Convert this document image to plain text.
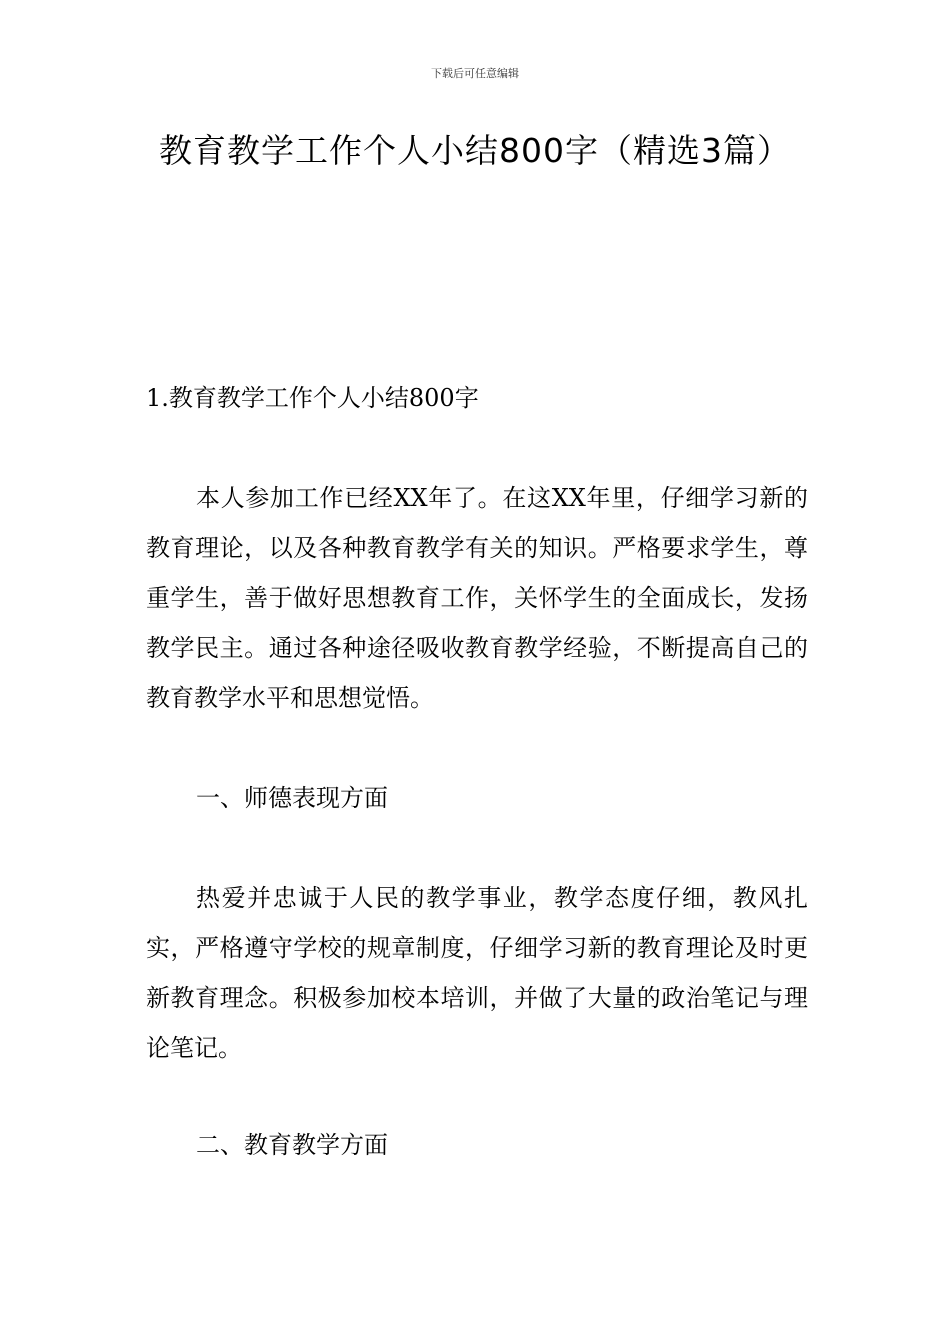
下载后可任意编辑
教育教学工作个人小结800字（精选3篇）

1.教育教学工作个人小结800字

本人参加工作已经XX年了。在这XX年里，仔细学习新的教育理论，以及各种教育教学有关的知识。严格要求学生，尊重学生，善于做好思想教育工作，关怀学生的全面成长，发扬教学民主。通过各种途径吸收教育教学经验，不断提高自己的教育教学水平和思想觉悟。

一、师德表现方面

热爱并忠诚于人民的教学事业，教学态度仔细，教风扎实，严格遵守学校的规章制度，仔细学习新的教育理论及时更新教育理念。积极参加校本培训，并做了大量的政治笔记与理论笔记。

二、教育教学方面
